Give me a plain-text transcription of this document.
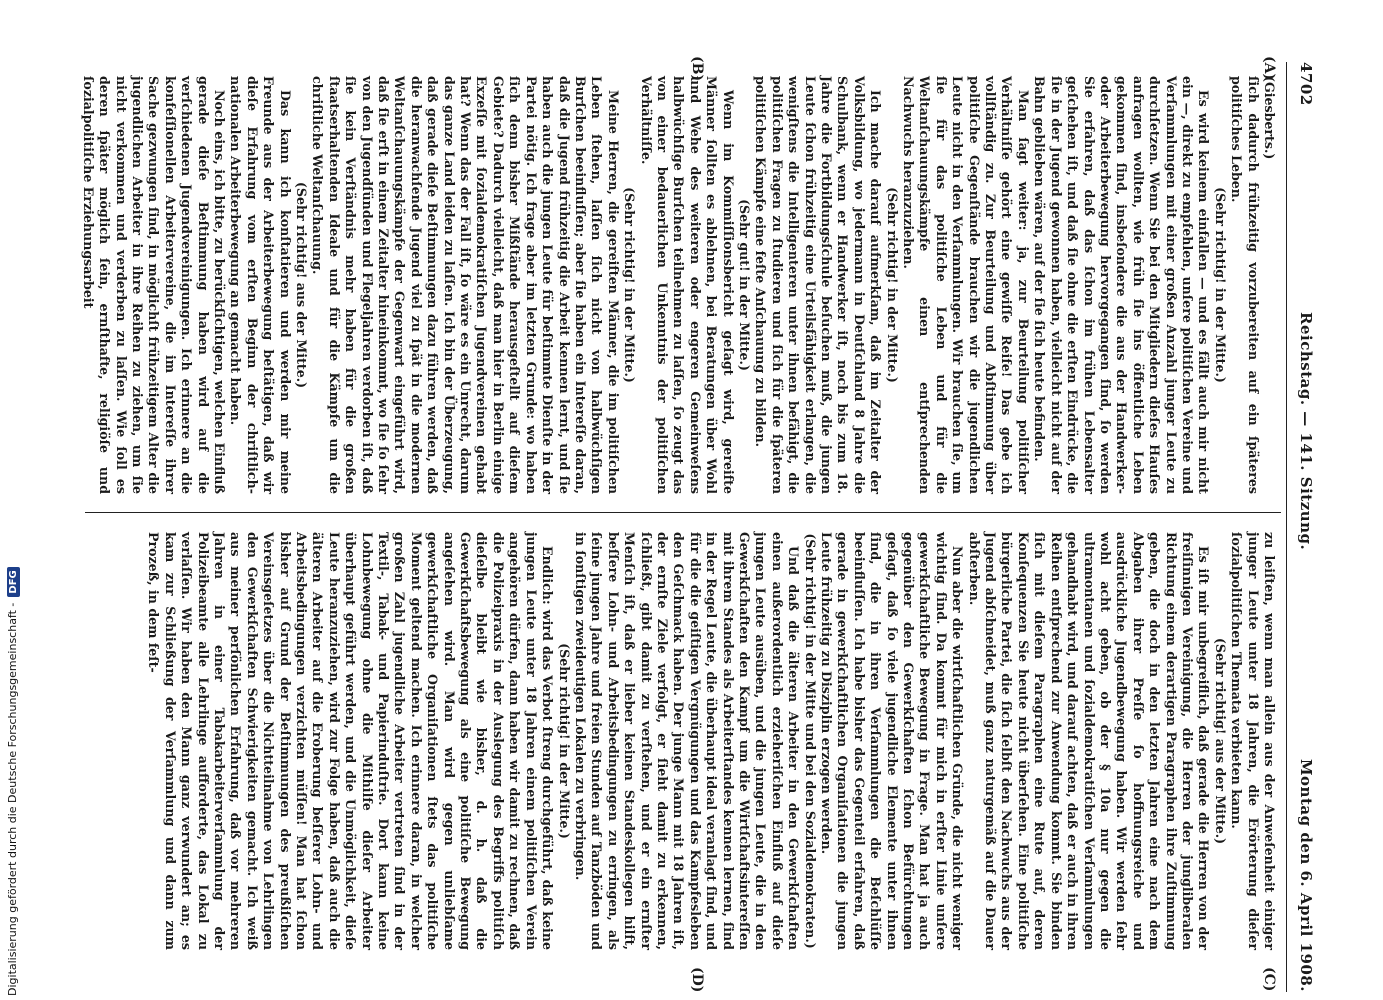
4702
Reichstag. — 141. Sitzung.
Montag den 6. April 1908.

(Giesberts.)

ſich dadurch frühzeitig vorzubereiten auf ein ſpäteres politiſches Leben.

(Sehr richtig! in der Mitte.)

Es wird keinem einfallen — und es fällt auch mir nicht ein —, direkt zu empfehlen, unſere politiſchen Vereine und Verſammlungen mit einer großen Anzahl junger Leute zu durchſetzen. Wenn Sie bei den Mitgliedern dieſes Hauſes anfragen wollten, wie früh ſie ins öffentliche Leben gekommen ſind, insbeſondere die aus der Handwerker- oder Arbeiterbewegung hervorgegangen ſind, ſo werden Sie erfahren, daß das ſchon im frühen Lebensalter geſchehen iſt, und daß ſie ohne die erſten Eindrücke, die ſie in der Jugend gewonnen haben, vielleicht nicht auf der Bahn geblieben wären, auf der ſie ſich heute befinden.

Man ſagt weiter: ja, zur Beurteilung politiſcher Verhältniſſe gehört eine gewiſſe Reife! Das gebe ich vollſtändig zu. Zur Beurteilung und Abſtimmung über politiſche Gegenſtände brauchen wir die jugendlichen Leute nicht in den Verſammlungen. Wir brauchen ſie, um ſie für das politiſche Leben und für die Weltanſchauungskämpfe einen entſprechenden Nachwuchs heranzuziehen.

(Sehr richtig! in der Mitte.)

Ich mache darauf aufmerkſam, daß im Zeitalter der Volksbildung, wo jedermann in Deutſchland 8 Jahre die Schulbank, wenn er Handwerker iſt, noch bis zum 18. Jahre die Fortbildungsſchule beſuchen muß, die jungen Leute ſchon frühzeitig eine Urteilsfähigkeit erlangen, die wenigſtens die Intelligenteren unter ihnen befähigt, die politiſchen Fragen zu ſtudieren und ſich für die ſpäteren politiſchen Kämpfe eine feſte Anſchauung zu bilden.

(Sehr gut! in der Mitte.)

Wenn im Kommiſſionsbericht geſagt wird, gereifte Männer ſollten es ablehnen, bei Beratungen über Wohl und Wehe des weiteren oder engeren Gemeinweſens halbwüchſige Burſchen teilnehmen zu laſſen, ſo zeugt das von einer bedauerlichen Unkenntnis der politiſchen Verhältniſſe.

(Sehr richtig! in der Mitte.)

Meine Herren, die gereiften Männer, die im politiſchen Leben ſtehen, laſſen ſich nicht von halbwüchſigen Burſchen beeinfluſſen; aber ſie haben ein Intereſſe daran, daß die Jugend frühzeitig die Arbeit kennen lernt, und ſie haben auch die jungen Leute für beſtimmte Dienſte in der Partei nötig. Ich frage aber im letzten Grunde: wo haben ſich denn bisher Mißſtände herausgeſtellt auf dieſem Gebiete? Dadurch vielleicht, daß man hier in Berlin einige Exzeſſe mit ſozialdemokratiſchen Jugendvereinen gehabt hat? Wenn das der Fall iſt, ſo wäre es ein Unrecht, darum das ganze Land leiden zu laſſen. Ich bin der Überzeugung, daß gerade dieſe Beſtimmungen dazu führen werden, daß die heranwachſende Jugend viel zu ſpät in die modernen Weltanſchauungskämpfe der Gegenwart eingeführt wird, daß ſie erſt in einem Zeitalter hineinkommt, wo ſie ſo ſehr von den Jugendſünden und Flegeljahren verdorben iſt, daß ſie kein Verſtändnis mehr haben für die großen ſtaatserhaltenden Ideale und für die Kämpfe um die chriſtliche Weltanſchauung.

(Sehr richtig! aus der Mitte.)

Das kann ich konſtatieren und werden mir meine Freunde aus der Arbeiterbewegung beſtätigen, daß wir dieſe Erfahrung vom erſten Beginn der chriſtlich-nationalen Arbeiterbewegung an gemacht haben.

Noch eins, ich bitte, zu berückſichtigen, welchen Einfluß gerade dieſe Beſtimmung haben wird auf die verſchiedenen Jugendvereinigungen. Ich erinnere an die konfeſſionellen Arbeitervereine, die im Intereſſe ihrer Sache gezwungen ſind, in möglichſt frühzeitigem Alter die jugendlichen Arbeiter in ihre Reihen zu ziehen, um ſie nicht verkommen und verderben zu laſſen. Wie ſoll es deren ſpäter möglich ſein, ernſthafte, religiöſe und ſozialpolitiſche Erziehungsarbeit

zu leiſten, wenn man allein aus der Anweſenheit einiger junger Leute unter 18 Jahren, die Erörterung dieſer ſozialpolitiſchen Themata verbieten kann.

(Sehr richtig! aus der Mitte.)

Es iſt mir unbegreiflich, daß gerade die Herren von der freiſinnigen Vereinigung, die Herren der jungliberalen Richtung einem derartigen Paragraphen ihre Zuſtimmung geben, die doch in den letzten Jahren eine nach dem Abgaben ihrer Preſſe ſo hoffnungsreiche und ausdrückliche Jugendbewegung haben. Wir werden ſehr wohl acht geben, ob der § 10a nur gegen die ultramontanen und ſozialdemokratiſchen Verſammlungen gehandhabt wird, und darauf achten, daß er auch in ihren Reihen entſprechend zur Anwendung kommt. Sie binden ſich mit dieſem Paragraphen eine Rute auf, deren Konſequenzen Sie heute nicht überſehen. Eine politiſche bürgerliche Partei, die ſich ſelbſt den Nachwuchs aus der Jugend abſchneidet, muß ganz naturgemäß auf die Dauer abſterben.

Nun aber die wirtſchaftlichen Gründe, die nicht weniger wichtig ſind. Da kommt für mich in erſter Linie unſere gewerkſchaftliche Bewegung in Frage. Man hat ja auch gegenüber den Gewerkſchaften ſchon Befürchtungen geſagt, daß ſo viele jugendliche Elemente unter ihnen ſind, die in ihren Verſammlungen die Beſchlüſſe beeinfluſſen. Ich habe bisher das Gegenteil erfahren, daß gerade in gewerkſchaftlichen Organiſationen die jungen Leute frühzeitig zu Disziplin erzogen werden.

(Sehr richtig! in der Mitte und bei den Sozialdemokraten.)

Und daß die älteren Arbeiter in den Gewerkſchaften einen außerordentlich erzieheriſchen Einfluß auf dieſe jungen Leute ausüben, und die jungen Leute, die in den Gewerkſchaften den Kampf um die Wirtſchaftsintereſſen mit ihrem Standes als Arbeiterſtandes kennen lernen, ſind in der Regel Leute, die überhaupt ideal veranlagt ſind, und für die die geiſtigen Vergnügungen und das Kampfesleben den Geſchmack haben. Der junge Mann mit 18 Jahren iſt, der ernſte Ziele verfolgt, er ſieht damit zu erkennen, ſchließt, gibt damit zu verſtehen, und er ein ernſter Menſch iſt, daß er lieber keinen Standeskollegen hilft, beſſere Lohn- und Arbeitsbedingungen zu erringen, als ſeine jungen Jahre und freien Stunden auf Tanzböden und in ſonſtigen zweideutigen Lokalen zu verbringen.

(Sehr richtig! in der Mitte.)

Endlich: wird das Verbot ſtreng durchgeführt, daß keine jungen Leute unter 18 Jahren einem politiſchen Verein angehören dürfen, dann haben wir damit zu rechnen, daß die Polizeipraxis in der Auslegung des Begriffs politiſch dieſelbe bleibt wie bisher, d. h. daß die Gewerkſchaftsbewegung als eine politiſche Bewegung angeſehen wird. Man wird gegen unliebſame gewerkſchaftliche Organiſationen ſtets das politiſche Moment geltend machen. Ich erinnere daran, in welcher großen Zahl jugendliche Arbeiter vertreten ſind in der Textil-, Tabak- und Papierinduſtrie. Dort kann keine Lohnbewegung ohne die Mithilfe dieſer Arbeiter überhaupt geführt werden, und die Unmöglichkeit, dieſe Leute heranzuziehen, wird zur Folge haben, daß auch die älteren Arbeiter auf die Eroberung beſſerer Lohn- und Arbeitsbedingungen verzichten müſſen! Man hat ſchon bisher auf Grund der Beſtimmungen des preußiſchen Vereinsgeſetzes über die Nichtteilnahme von Lehrlingen den Gewerkſchaften Schwierigkeiten gemacht. Ich weiß aus meiner perſönlichen Erfahrung, daß vor mehreren Jahren in einer Tabakarbeiterverſammlung der Polizeibeamte alle Lehrlinge aufforderte, das Lokal zu verlaſſen. Wir haben den Mann ganz verwundert an; es kam zur Schließung der Verſammlung und dann zum Prozeß, in dem feſt-

(A)
(B)
(C)
(D)
Digitalisierung gefördert durch die Deutsche Forschungsgemeinschaft -DFG
